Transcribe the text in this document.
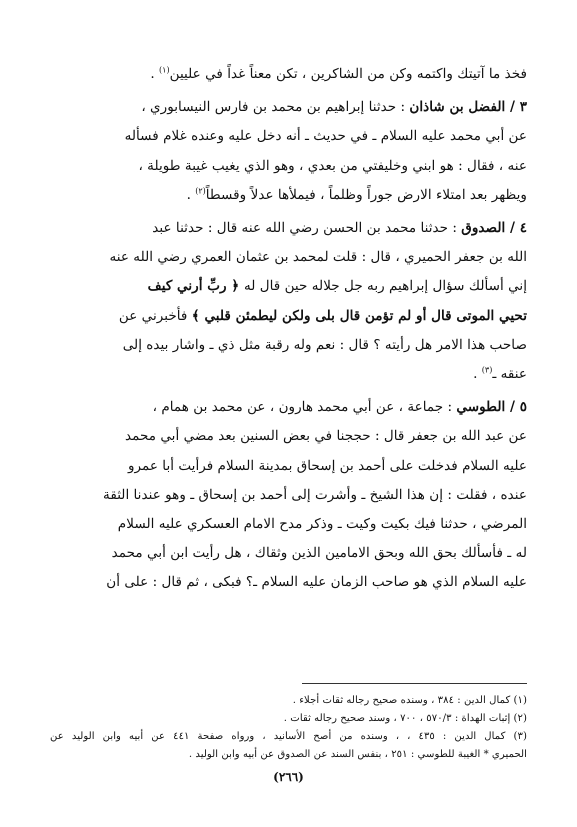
فخذ ما آتيتك واكتمه وكن من الشاكرين ، تكن معناً غداً في عليين$^{(١)}$ .

٣ / الفضل بن شاذان : حدثنا إبراهيم بن محمد بن فارس النيسابوري ،

عن أبي محمد عليه السلام ـ في حديث ـ أنه دخل عليه وعنده غلام فسأله

عنه ، فقال : هو ابني وخليفتي من بعدي ، وهو الذي يغيب غيبة طويلة ،

ويظهر بعد امتلاء الارض جوراً وظلماً ، فيملأها عدلاً وقسطاً$^{(٢)}$ .

٤ / الصدوق : حدثنا محمد بن الحسن رضي الله عنه قال : حدثنا عبد

الله بن جعفر الحميري ، قال : قلت لمحمد بن عثمان العمري رضي الله عنه

إني أسألك سؤال إبراهيم ربه جل جلاله حين قال له ﴿ ربِّ أرني كيف

تحيي الموتى قال أو لم تؤمن قال بلى ولكن ليطمئن قلبي ﴾ فأخبرني عن

صاحب هذا الامر هل رأيته ؟ قال : نعم وله رقبة مثل ذي ـ واشار بيده إلى

عنقه ـ$^{(٣)}$ .

٥ / الطوسي : جماعة ، عن أبي محمد هارون ، عن محمد بن همام ،

عن عبد الله بن جعفر قال : حججنا في بعض السنين بعد مضي أبي محمد

عليه السلام فدخلت على أحمد بن إسحاق بمدينة السلام فرأيت أبا عمرو

عنده ، فقلت : إن هذا الشيخ ـ وأشرت إلى أحمد بن إسحاق ـ وهو عندنا الثقة

المرضي ، حدثنا فيك بكيت وكيت ـ وذكر مدح الامام العسكري عليه السلام

له ـ فأسألك بحق الله وبحق الامامين الذين وثقاك ، هل رأيت ابن أبي محمد

عليه السلام الذي هو صاحب الزمان عليه السلام ـ؟ فبكى ، ثم قال : على أن

(١) كمال الدين : ٣٨٤ ، وسنده صحيح رجاله ثقات أجلاء .

(٢) إثبات الهداة : ٥٧٠/٣ ، ٧٠٠ ، وسند صحيح رجاله ثقات .

(٣) كمال الدين : ٤٣٥ ، ، وسنده من أصح الأسانيد ، ورواه صفحة ٤٤١ عن أبيه وابن الوليد عن

الحميري * الغيبة للطوسي : ٢٥١ ، بنفس السند عن الصدوق عن أبيه وابن الوليد .

(٢٦٦)
